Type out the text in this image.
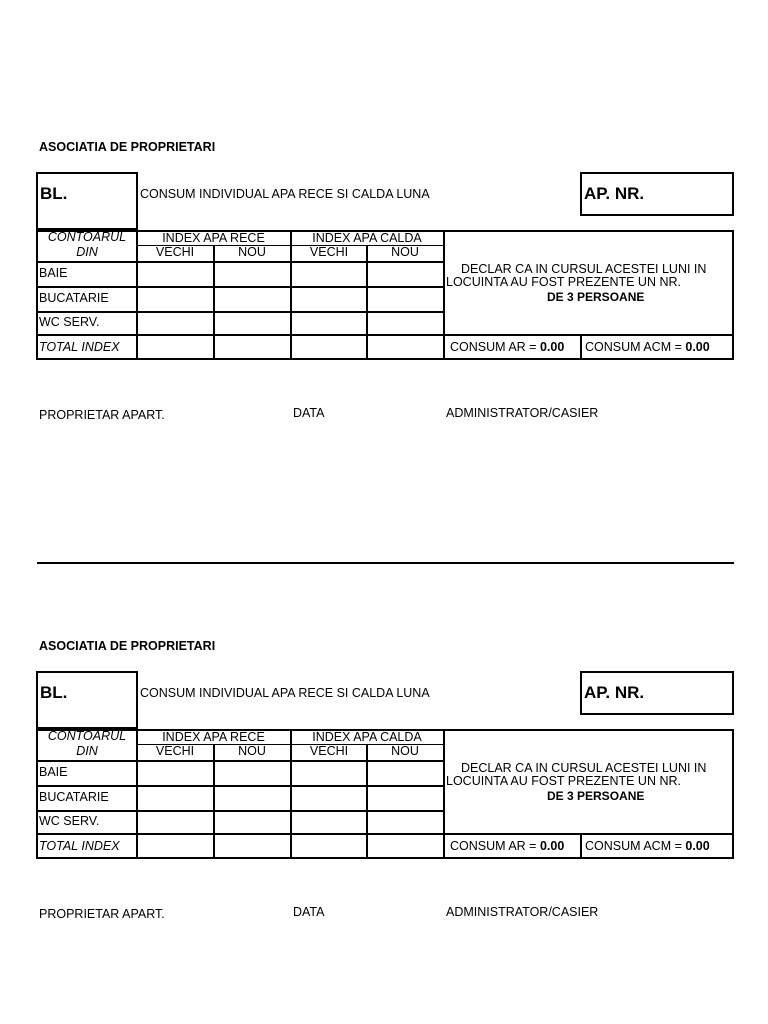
ASOCIATIA DE PROPRIETARI
BL.	CONSUM INDIVIDUAL APA RECE SI CALDA LUNA	AP. NR.
CONTOARUL
DIN
INDEX APA RECE	INDEX APA CALDA
VECHI	NOU	VECHI	NOU
BAIE
BUCATARIE
WC SERV.
TOTAL INDEX
DECLAR CA IN CURSUL ACESTEI LUNI IN
LOCUINTA AU FOST PREZENTE UN NR.
DE 3 PERSOANE
CONSUM AR = 0.00 CONSUM ACM = 0.00
PROPRIETAR APART.	DATA	ADMINISTRATOR/CASIER
ASOCIATIA DE PROPRIETARI
BL.	CONSUM INDIVIDUAL APA RECE SI CALDA LUNA	AP. NR.
CONTOARUL
DIN
INDEX APA RECE	INDEX APA CALDA
VECHI	NOU	VECHI	NOU
BAIE
BUCATARIE
WC SERV.
TOTAL INDEX
DECLAR CA IN CURSUL ACESTEI LUNI IN
LOCUINTA AU FOST PREZENTE UN NR.
DE 3 PERSOANE
CONSUM AR = 0.00 CONSUM ACM = 0.00
PROPRIETAR APART.	DATA	ADMINISTRATOR/CASIER
